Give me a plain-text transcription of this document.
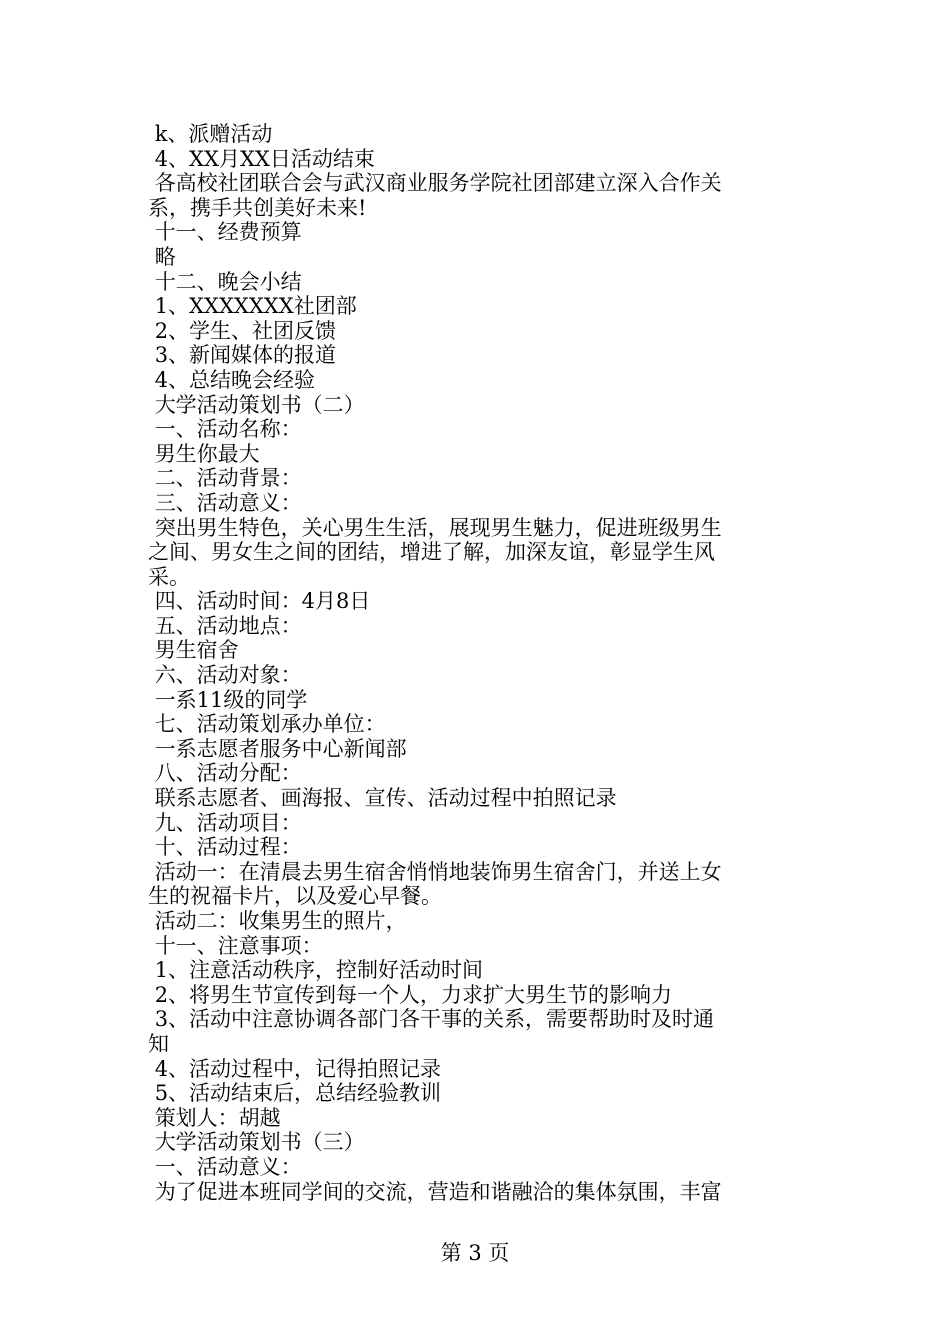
k、派赠活动
4、XX月XX日活动结束
各高校社团联合会与武汉商业服务学院社团部建立深入合作关
系，携手共创美好未来!
十一、经费预算
略
十二、晚会小结
1、XXXXXXX社团部
2、学生、社团反馈
3、新闻媒体的报道
4、总结晚会经验
大学活动策划书（二）
一、活动名称：
男生你最大
二、活动背景：
三、活动意义：
突出男生特色，关心男生生活，展现男生魅力，促进班级男生
之间、男女生之间的团结，增进了解，加深友谊，彰显学生风
采。
四、活动时间：4月8日
五、活动地点：
男生宿舍
六、活动对象：
一系11级的同学
七、活动策划承办单位：
一系志愿者服务中心新闻部
八、活动分配：
联系志愿者、画海报、宣传、活动过程中拍照记录
九、活动项目：
十、活动过程：
活动一：在清晨去男生宿舍悄悄地装饰男生宿舍门，并送上女
生的祝福卡片，以及爱心早餐。
活动二：收集男生的照片，
十一、注意事项：
1、注意活动秩序，控制好活动时间
2、将男生节宣传到每一个人，力求扩大男生节的影响力
3、活动中注意协调各部门各干事的关系，需要帮助时及时通
知
4、活动过程中，记得拍照记录
5、活动结束后，总结经验教训
策划人：胡越
大学活动策划书（三）
一、活动意义：
为了促进本班同学间的交流，营造和谐融洽的集体氛围，丰富
第 3 页
